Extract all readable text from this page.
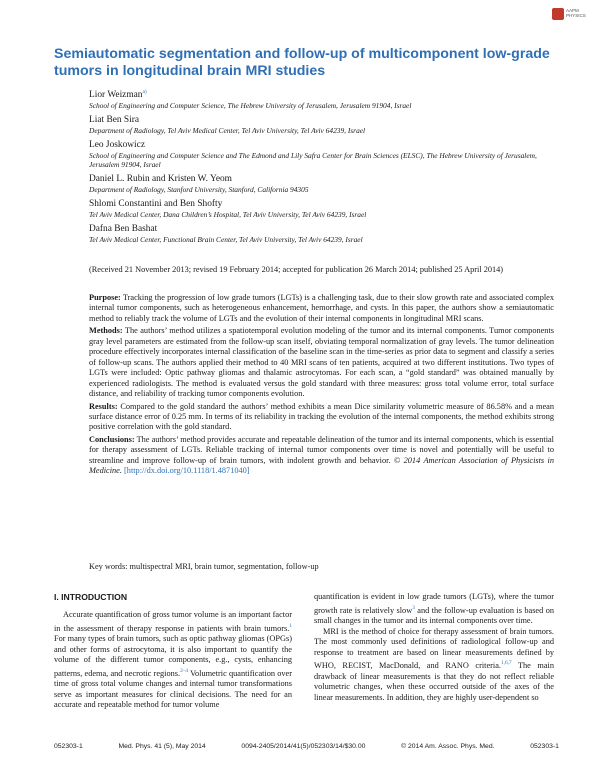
AAPM
PHYSICS
Semiautomatic segmentation and follow-up of multicomponent low-grade tumors in longitudinal brain MRI studies
Lior Weizman$^{a)}$
School of Engineering and Computer Science, The Hebrew University of Jerusalem, Jerusalem 91904, Israel
Liat Ben Sira
Department of Radiology, Tel Aviv Medical Center, Tel Aviv University, Tel Aviv 64239, Israel
Leo Joskowicz
School of Engineering and Computer Science and The Edmond and Lily Safra Center for Brain Sciences (ELSC), The Hebrew University of Jerusalem, Jerusalem 91904, Israel
Daniel L. Rubin and Kristen W. Yeom
Department of Radiology, Stanford University, Stanford, California 94305
Shlomi Constantini and Ben Shofty
Tel Aviv Medical Center, Dana Children’s Hospital, Tel Aviv University, Tel Aviv 64239, Israel
Dafna Ben Bashat
Tel Aviv Medical Center, Functional Brain Center, Tel Aviv University, Tel Aviv 64239, Israel
(Received 21 November 2013; revised 19 February 2014; accepted for publication 26 March 2014; published 25 April 2014)

Purpose: Tracking the progression of low grade tumors (LGTs) is a challenging task, due to their slow growth rate and associated complex internal tumor components, such as heterogeneous enhancement, hemorrhage, and cysts. In this paper, the authors show a semiautomatic method to reliably track the volume of LGTs and the evolution of their internal components in longitudinal MRI scans.

Methods: The authors’ method utilizes a spatiotemporal evolution modeling of the tumor and its internal components. Tumor components gray level parameters are estimated from the follow-up scan itself, obviating temporal normalization of gray levels. The tumor delineation procedure effectively incorporates internal classification of the baseline scan in the time-series as prior data to segment and classify a series of follow-up scans. The authors applied their method to 40 MRI scans of ten patients, acquired at two different institutions. Two types of LGTs were included: Optic pathway gliomas and thalamic astrocytomas. For each scan, a “gold standard” was obtained manually by experienced radiologists. The method is evaluated versus the gold standard with three measures: gross total volume error, total surface distance, and reliability of tracking tumor components evolution.

Results: Compared to the gold standard the authors’ method exhibits a mean Dice similarity volumetric measure of 86.58% and a mean surface distance error of 0.25 mm. In terms of its reliability in tracking the evolution of the internal components, the method exhibits strong positive correlation with the gold standard.

Conclusions: The authors’ method provides accurate and repeatable delineation of the tumor and its internal components, which is essential for therapy assessment of LGTs. Reliable tracking of internal tumor components over time is novel and potentially will be useful to streamline and improve follow-up of brain tumors, with indolent growth and behavior. © 2014 American Association of Physicists in Medicine. [http://dx.doi.org/10.1118/1.4871040]

Key words: multispectral MRI, brain tumor, segmentation, follow-up
I. INTRODUCTION

Accurate quantification of gross tumor volume is an important factor in the assessment of therapy response in patients with brain tumors.$^1$ For many types of brain tumors, such as optic pathway gliomas (OPGs) and other forms of astrocytoma, it is also important to quantify the volume of the different tumor components, e.g., cysts, enhancing patterns, edema, and necrotic regions.$^{2-4}$ Volumetric quantification over time of gross total volume changes and internal tumor transformations serve as important measures for clinical decisions. The need for an accurate and repeatable method for tumor volume

quantification is evident in low grade tumors (LGTs), where the tumor growth rate is relatively slow$^3$ and the follow-up evaluation is based on small changes in the tumor and its internal components over time.

MRI is the method of choice for therapy assessment of brain tumors. The most commonly used definitions of radiological follow-up and response to treatment are based on linear measurements defined by WHO, RECIST, MacDonald, and RANO criteria.$^{1,6,7}$ The main drawback of linear measurements is that they do not reflect reliable volumetric changes, when these occurred outside of the axes of the linear measurements. In addition, they are highly user-dependent so

052303-1	Med. Phys. 41 (5), May 2014	0094-2405/2014/41(5)/052303/14/$30.00	© 2014 Am. Assoc. Phys. Med.	052303-1
